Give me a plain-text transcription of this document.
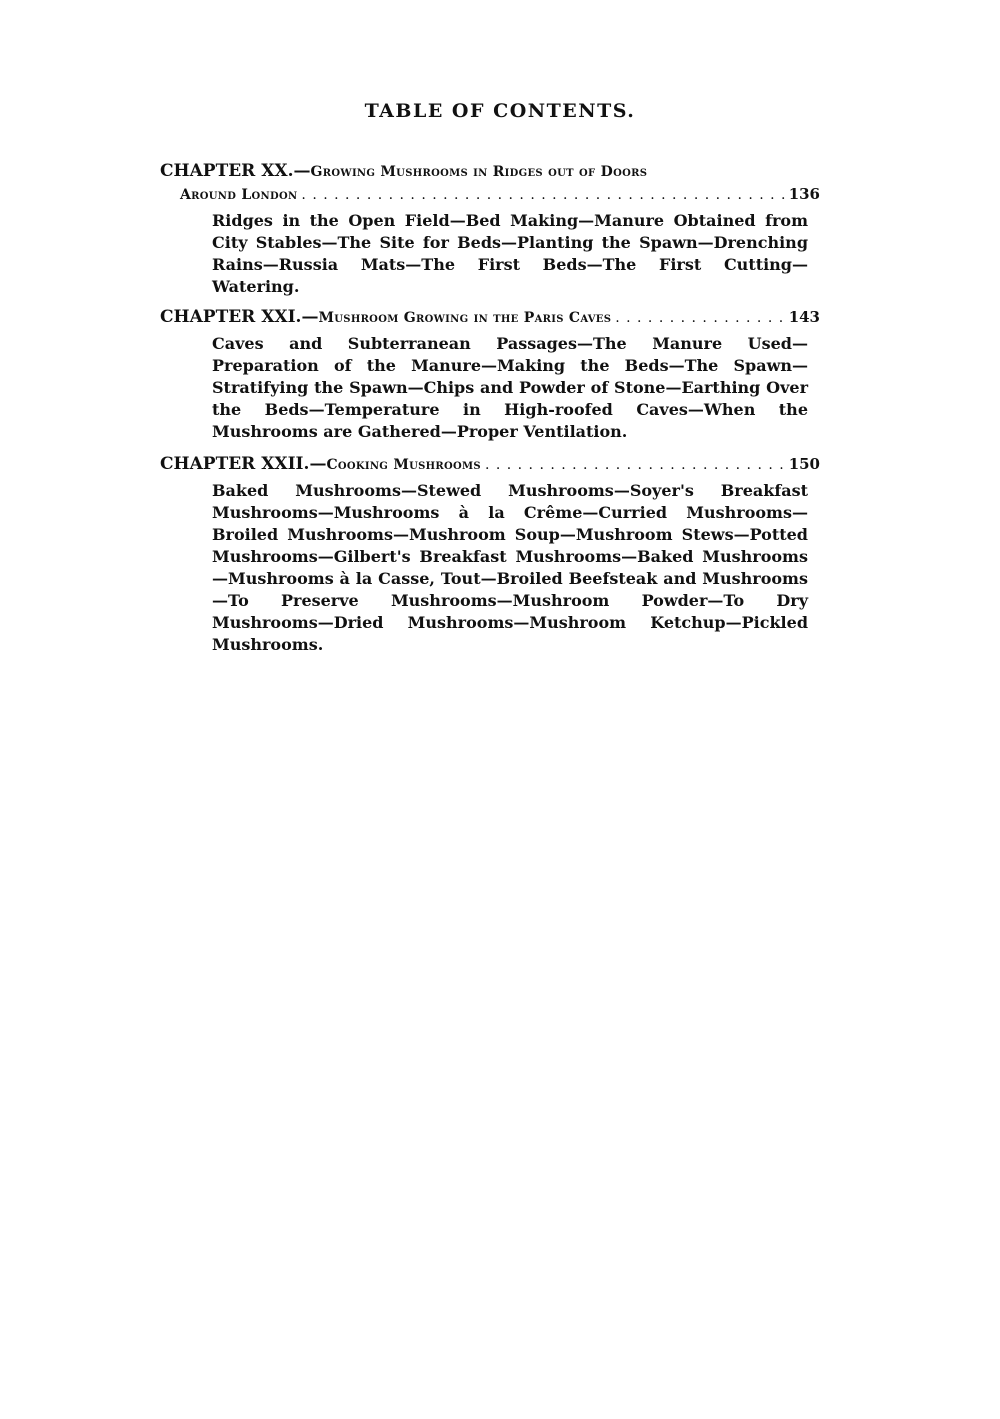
TABLE OF CONTENTS.
CHAPTER XX. — Growing Mushrooms in Ridges out of Doors
Around London . . .	136
Ridges in the Open Field—Bed Making—Manure Obtained from City Stables—The Site for Beds—Planting the Spawn—Drenching Rains—Russia Mats—The First Beds—The First Cutting—Watering.
CHAPTER XXI. — Mushroom Growing in the Paris Caves . . .	143
Caves and Subterranean Passages—The Manure Used—Preparation of the Manure—Making the Beds—The Spawn—Stratifying the Spawn—Chips and Powder of Stone—Earthing Over the Beds—Temperature in High-roofed Caves—When the Mushrooms are Gathered—Proper Ventilation.
CHAPTER XXII. — Cooking Mushrooms . . .	150
Baked Mushrooms—Stewed Mushrooms—Soyer's Breakfast Mushrooms—Mushrooms à la Crême—Curried Mushrooms—Broiled Mushrooms—Mushroom Soup—Mushroom Stews—Potted Mushrooms—Gilbert's Breakfast Mushrooms—Baked Mushrooms—Mushrooms à la Casse, Tout—Broiled Beefsteak and Mushrooms—To Preserve Mushrooms—Mushroom Powder—To Dry Mushrooms—Dried Mushrooms—Mushroom Ketchup—Pickled Mushrooms.
